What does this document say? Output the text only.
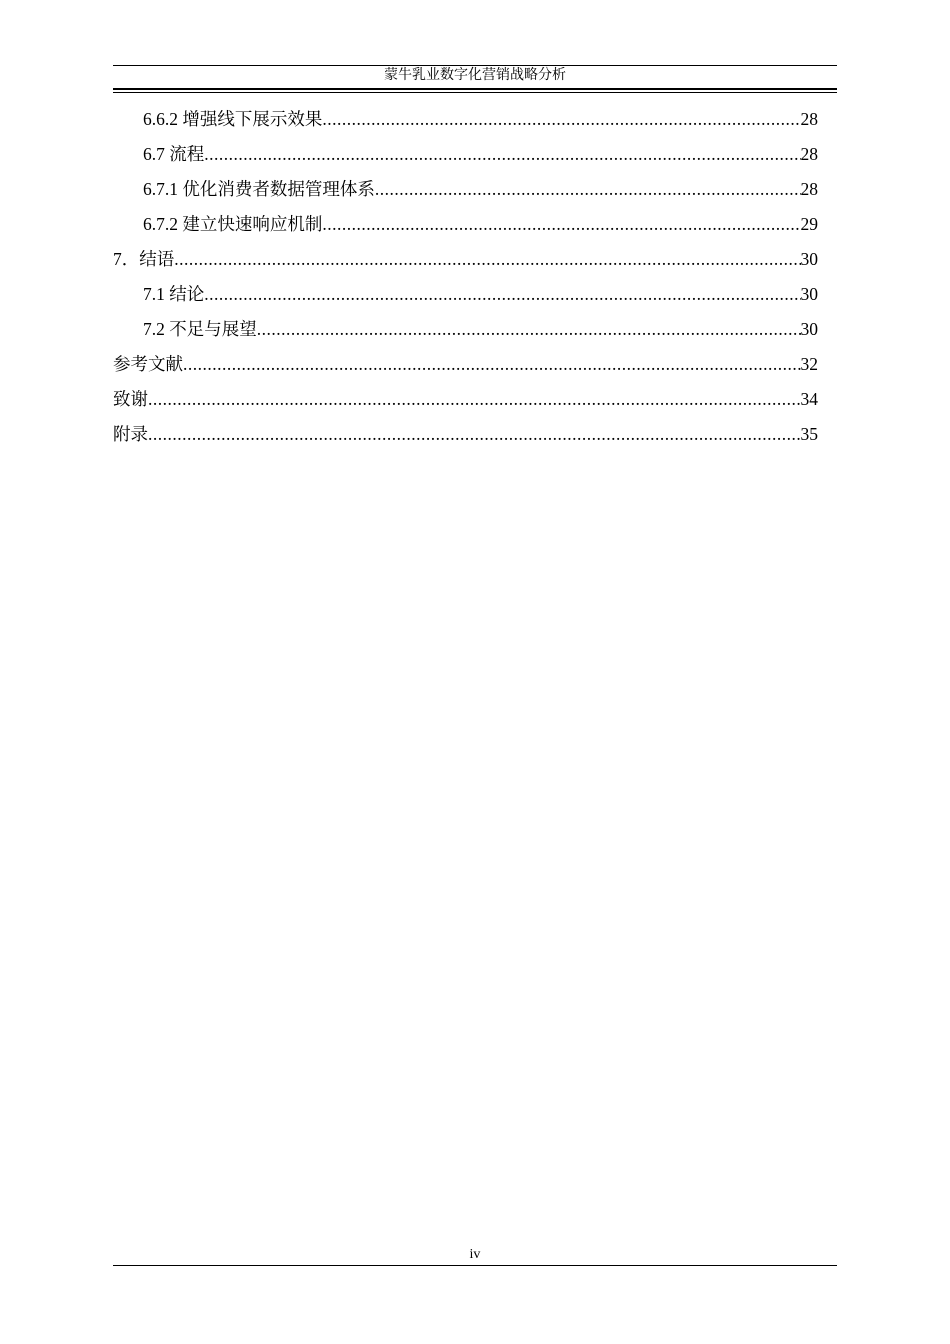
蒙牛乳业数字化营销战略分析
6.6.2 增强线下展示效果 .....	28
6.7 流程 .....	28
6.7.1 优化消费者数据管理体系 .....	28
6.7.2 建立快速响应机制 .....	29
7．结语 .....	30
7.1 结论 .....	30
7.2 不足与展望 .....	30
参考文献 .....	32
致谢 .....	34
附录 .....	35
iv
